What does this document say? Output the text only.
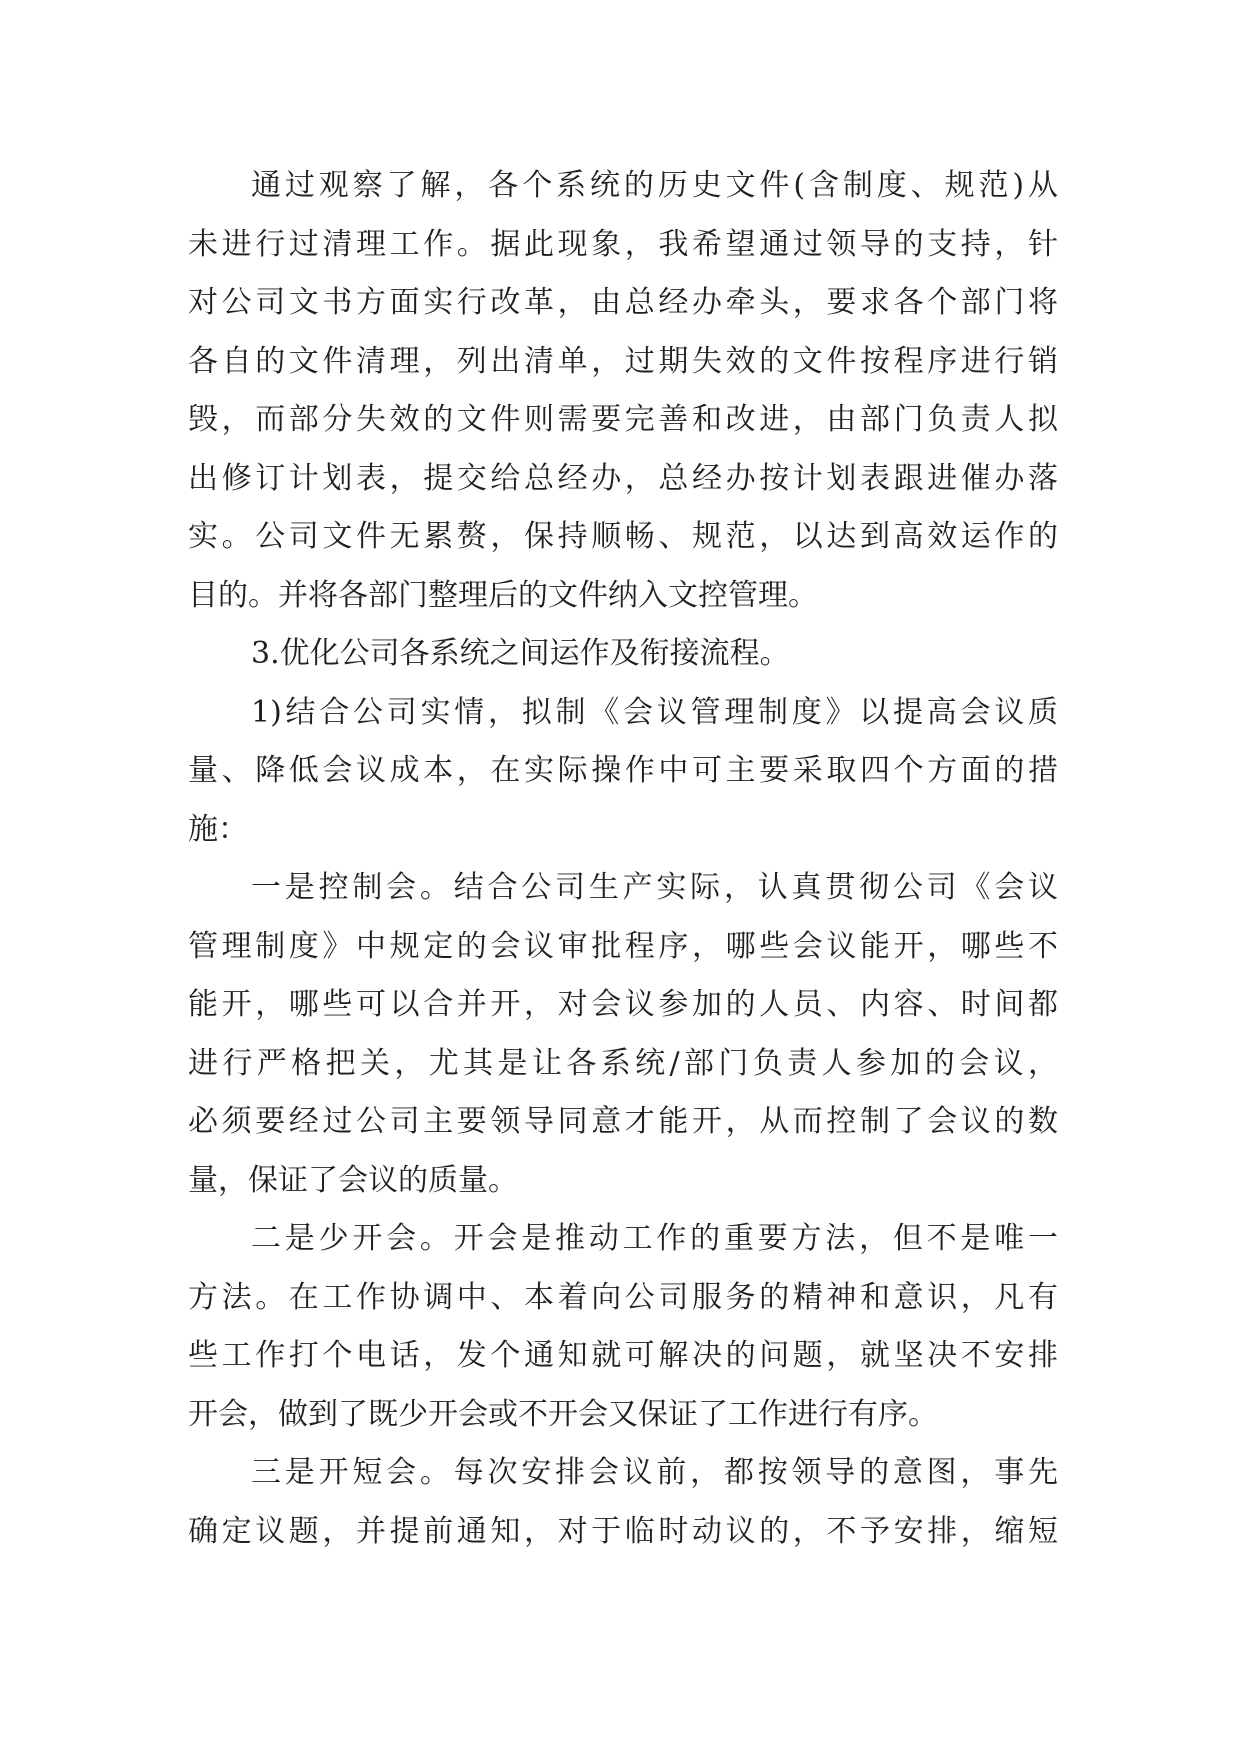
通过观察了解，各个系统的历史文件(含制度、规范)从
未进行过清理工作。据此现象，我希望通过领导的支持，针
对公司文书方面实行改革，由总经办牵头，要求各个部门将
各自的文件清理，列出清单，过期失效的文件按程序进行销
毁，而部分失效的文件则需要完善和改进，由部门负责人拟
出修订计划表，提交给总经办，总经办按计划表跟进催办落
实。公司文件无累赘，保持顺畅、规范，以达到高效运作的
目的。并将各部门整理后的文件纳入文控管理。
3.优化公司各系统之间运作及衔接流程。
1)结合公司实情，拟制《会议管理制度》以提高会议质
量、降低会议成本，在实际操作中可主要采取四个方面的措
施：
一是控制会。结合公司生产实际，认真贯彻公司《会议
管理制度》中规定的会议审批程序，哪些会议能开，哪些不
能开，哪些可以合并开，对会议参加的人员、内容、时间都
进行严格把关，尤其是让各系统/部门负责人参加的会议，
必须要经过公司主要领导同意才能开，从而控制了会议的数
量，保证了会议的质量。
二是少开会。开会是推动工作的重要方法，但不是唯一
方法。在工作协调中、本着向公司服务的精神和意识，凡有
些工作打个电话，发个通知就可解决的问题，就坚决不安排
开会，做到了既少开会或不开会又保证了工作进行有序。
三是开短会。每次安排会议前，都按领导的意图，事先
确定议题，并提前通知，对于临时动议的，不予安排，缩短
